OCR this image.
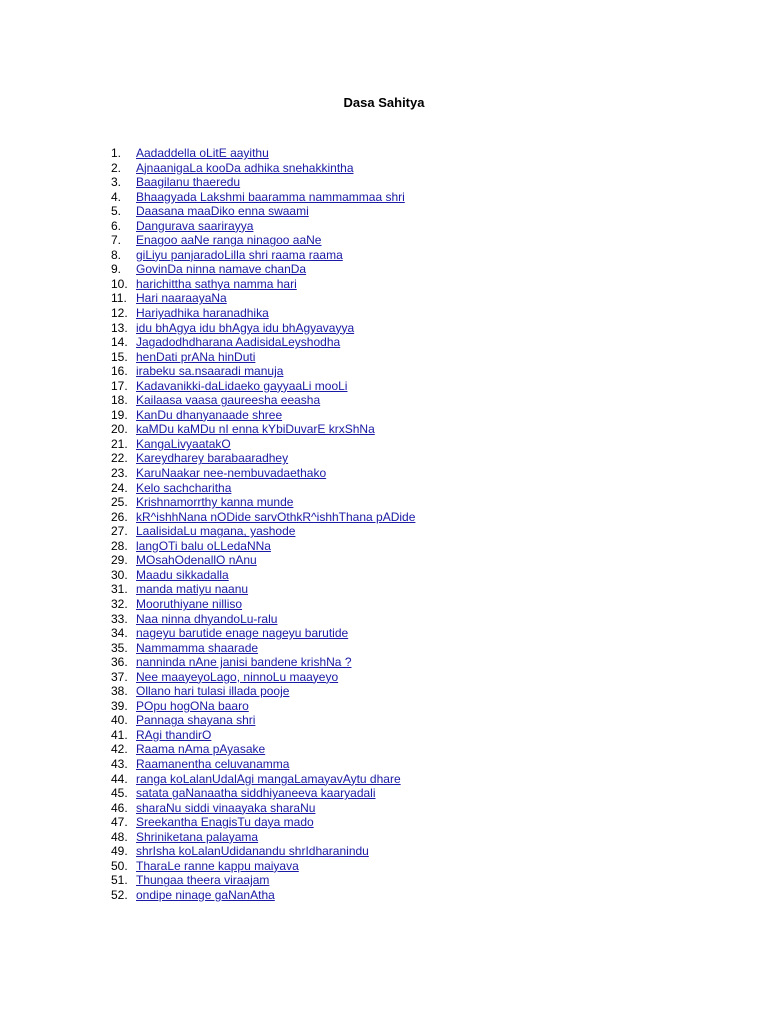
Dasa Sahitya
1.	Aadaddella oLitE aayithu
2.	AjnaanigaLa kooDa adhika snehakkintha
3.	Baagilanu thaeredu
4.	Bhaagyada Lakshmi baaramma nammammaa shri
5.	Daasana maaDiko enna swaami
6.	Dangurava saarirayya
7.	Enagoo aaNe ranga ninagoo aaNe
8.	giLiyu panjaradoLilla shri raama raama
9.	GovinDa ninna namave chanDa
10. harichittha sathya namma hari
11. Hari naaraayaNa
12. Hariyadhika haranadhika
13. idu bhAgya idu bhAgya idu bhAgyavayya
14. Jagadodhdharana AadisidaLeyshodha
15. henDati prANa hinDuti
16. irabeku sa.nsaaradi manuja
17. Kadavanikki-daLidaeko gayyaaLi mooLi
18. Kailaasa vaasa gaureesha eeasha
19. KanDu dhanyanaade shree
20. kaMDu kaMDu nI enna kYbiDuvarE krxShNa
21. KangaLivyaatakO
22. Kareydharey barabaaradhey
23. KaruNaakar nee-nembuvadaethako
24. Kelo sachcharitha
25. Krishnamorrthy kanna munde
26. kR^ishhNana nODide sarvOthkR^ishhThana pADide
27. LaalisidaLu magana, yashode
28. langOTi balu oLLedaNNa
29. MOsahOdenallO nAnu
30. Maadu sikkadalla
31. manda matiyu naanu
32. Mooruthiyane nilliso
33. Naa ninna dhyandoLu-ralu
34. nageyu barutide enage nageyu barutide
35. Nammamma shaarade
36. nanninda nAne janisi bandene krishNa ?
37. Nee maayeyoLago, ninnoLu maayeyo
38. Ollano hari tulasi illada pooje
39. POpu hogONa baaro
40. Pannaga shayana shri
41. RAgi thandirO
42. Raama nAma pAyasake
43. Raamanentha celuvanamma
44. ranga koLalanUdalAgi mangaLamayavAytu dhare
45. satata gaNanaatha siddhiyaneeva kaaryadali
46. sharaNu siddi vinaayaka sharaNu
47. Sreekantha EnagisTu daya mado
48. Shriniketana palayama
49. shrIsha koLalanUdidanandu shrIdharanindu
50. TharaLe ranne kappu maiyava
51. Thungaa theera viraajam
52. ondipe ninage gaNanAtha
